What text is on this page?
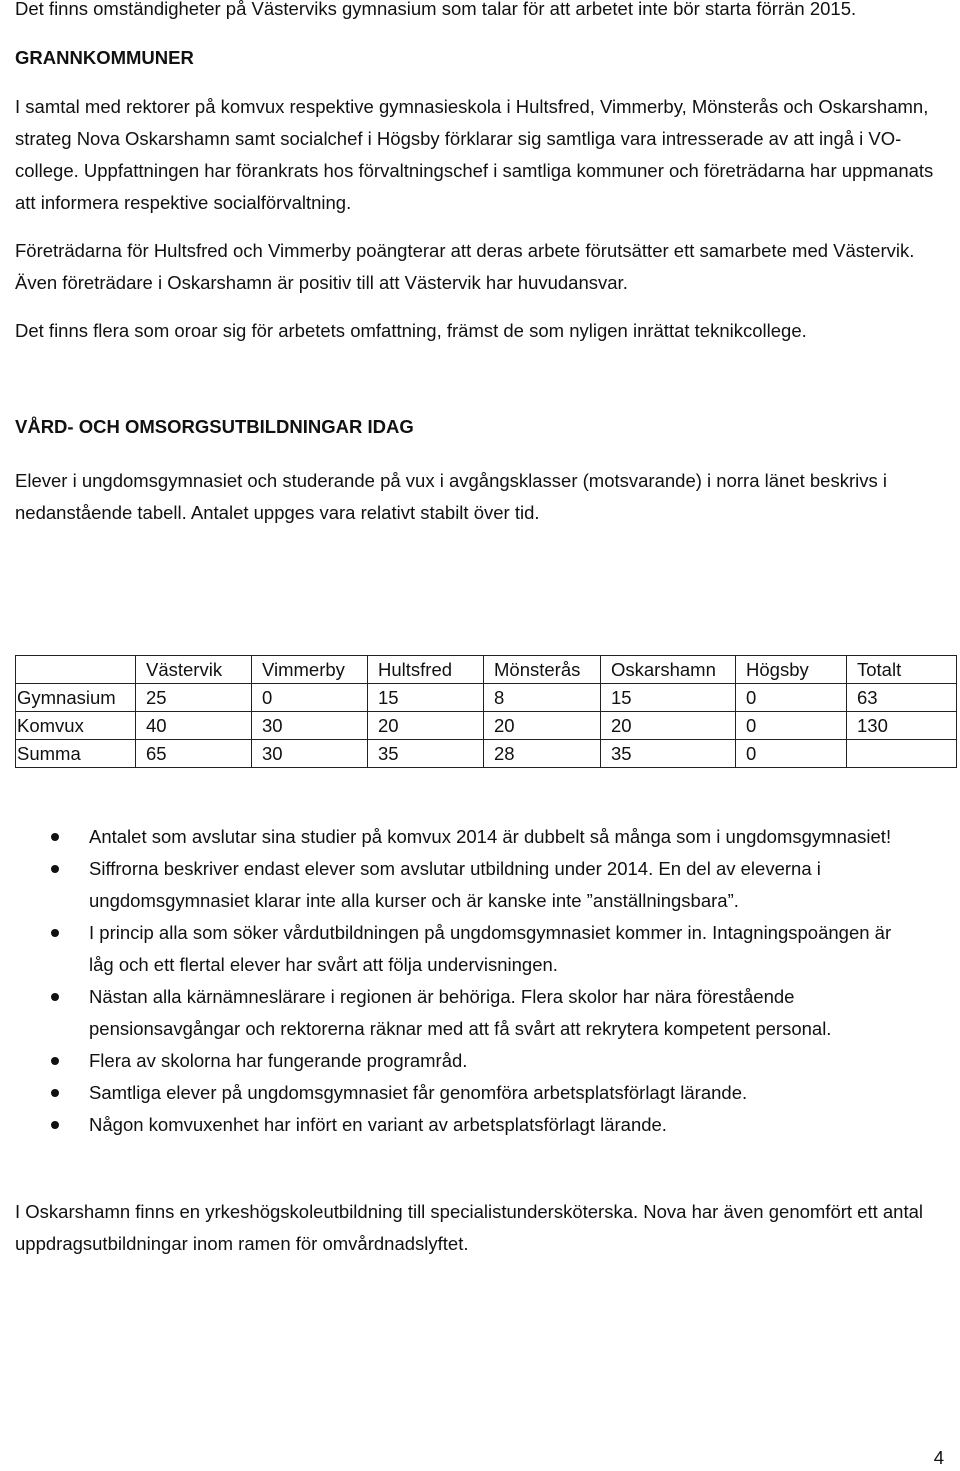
Det finns omständigheter på Västerviks gymnasium som talar för att arbetet inte bör starta förrän 2015.

GRANNKOMMUNER

I samtal med rektorer på komvux respektive gymnasieskola i Hultsfred, Vimmerby, Mönsterås och Oskarshamn, strateg Nova Oskarshamn samt socialchef i Högsby förklarar sig samtliga vara intresserade av att ingå i VO-college. Uppfattningen har förankrats hos förvaltningschef i samtliga kommuner och företrädarna har uppmanats att informera respektive socialförvaltning.

Företrädarna för Hultsfred och Vimmerby poängterar att deras arbete förutsätter ett samarbete med Västervik. Även företrädare i Oskarshamn är positiv till att Västervik har huvudansvar.

Det finns flera som oroar sig för arbetets omfattning, främst de som nyligen inrättat teknikcollege.

VÅRD- OCH OMSORGSUTBILDNINGAR IDAG

Elever i ungdomsgymnasiet och studerande på vux i avgångsklasser (motsvarande) i norra länet beskrivs i nedanstående tabell. Antalet uppges vara relativt stabilt över tid.

	Västervik	Vimmerby	Hultsfred	Mönsterås	Oskarshamn	Högsby	Totalt
Gymnasium	25	0	15	8	15	0	63
Komvux	40	30	20	20	20	0	130
Summa	65	30	35	28	35	0	
Antalet som avslutar sina studier på komvux 2014 är dubbelt så många som i ungdomsgymnasiet!
Siffrorna beskriver endast elever som avslutar utbildning under 2014. En del av eleverna i ungdomsgymnasiet klarar inte alla kurser och är kanske inte ”anställningsbara”.
I princip alla som söker vårdutbildningen på ungdomsgymnasiet kommer in. Intagningspoängen är låg och ett flertal elever har svårt att följa undervisningen.
Nästan alla kärnämneslärare i regionen är behöriga. Flera skolor har nära förestående pensionsavgångar och rektorerna räknar med att få svårt att rekrytera kompetent personal.
Flera av skolorna har fungerande programråd.
Samtliga elever på ungdomsgymnasiet får genomföra arbetsplatsförlagt lärande.
Någon komvuxenhet har infört en variant av arbetsplatsförlagt lärande.

I Oskarshamn finns en yrkeshögskoleutbildning till specialistundersköterska. Nova har även genomfört ett antal uppdragsutbildningar inom ramen för omvårdnadslyftet.

4
